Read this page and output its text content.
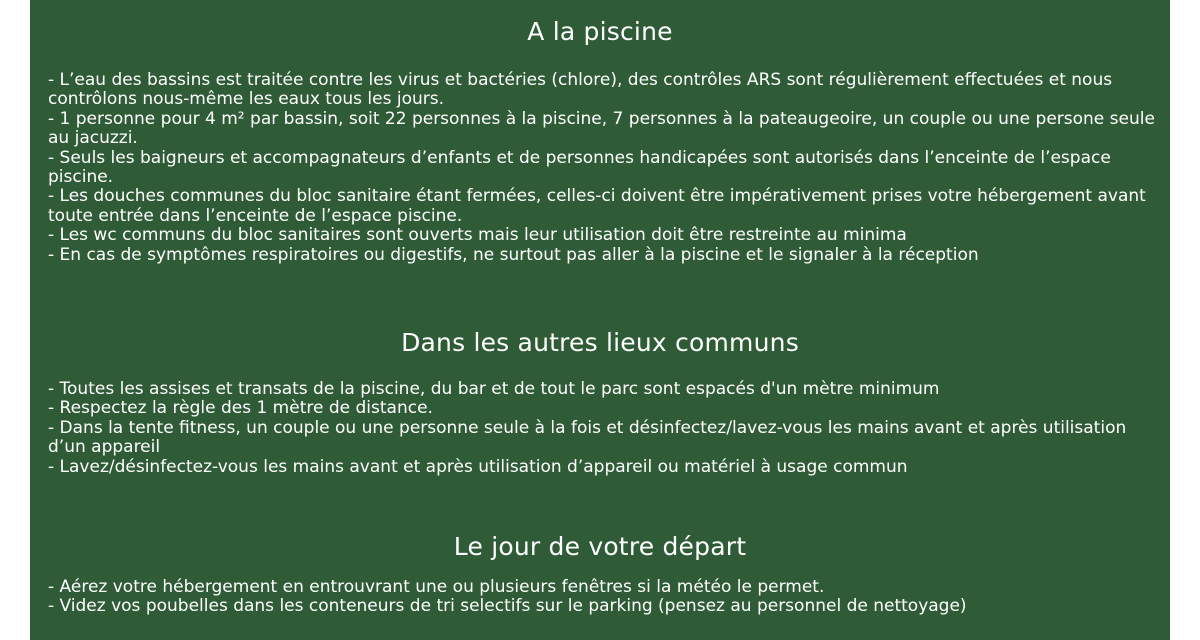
A la piscine
- L’eau des bassins est traitée contre les virus et bactéries (chlore), des contrôles ARS sont régulièrement effectuées et nous contrôlons nous-même les eaux tous les jours.
- 1 personne pour 4 m² par bassin, soit 22 personnes à la piscine, 7 personnes à la pateaugeoire, un couple ou une persone seule au jacuzzi.
- Seuls les baigneurs et accompagnateurs d’enfants et de personnes handicapées sont autorisés dans l’enceinte de l’espace piscine.
- Les douches communes du bloc sanitaire étant fermées, celles-ci doivent être impérativement prises votre hébergement avant toute entrée dans l’enceinte de l’espace piscine.
- Les wc communs du bloc sanitaires sont ouverts mais leur utilisation doit être restreinte au minima
- En cas de symptômes respiratoires ou digestifs, ne surtout pas aller à la piscine et le signaler à la réception
Dans les autres lieux communs
- Toutes les assises et transats de la piscine, du bar et de tout le parc sont espacés d'un mètre minimum
- Respectez la règle des 1 mètre de distance.
- Dans la tente fitness, un couple ou une personne seule à la fois et désinfectez/lavez-vous les mains avant et après utilisation d’un appareil
- Lavez/désinfectez-vous les mains avant et après utilisation d’appareil ou matériel à usage commun
Le jour de votre départ
- Aérez votre hébergement en entrouvrant une ou plusieurs fenêtres si la météo le permet.
- Videz vos poubelles dans les conteneurs de tri selectifs sur le parking (pensez au personnel de nettoyage)
